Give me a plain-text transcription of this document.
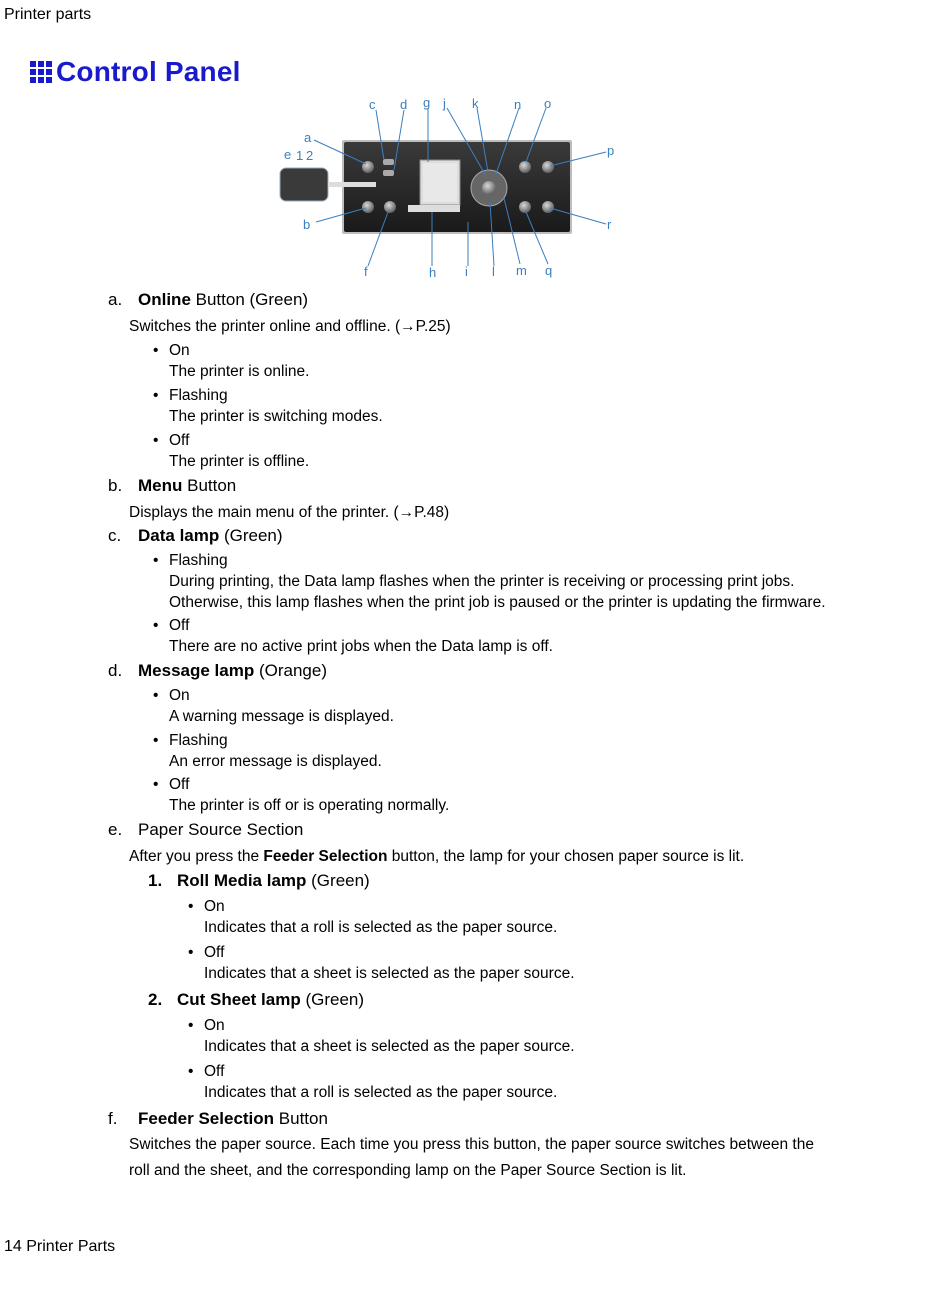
Printer parts
Control Panel
a
e 1 2
b
c d g j k	n o
p
r
f	h i l m q
a. Online Button (Green)
Switches the printer online and offline. (→P.25)
• On
The printer is online.
• Flashing
The printer is switching modes.
• Off
The printer is offline.
b. Menu Button
Displays the main menu of the printer. (→P.48)
c. Data lamp (Green)
• Flashing
During printing, the Data lamp flashes when the printer is receiving or processing print jobs.
Otherwise, this lamp flashes when the print job is paused or the printer is updating the firmware.
• Off
There are no active print jobs when the Data lamp is off.
d. Message lamp (Orange)
• On
A warning message is displayed.
• Flashing
An error message is displayed.
• Off
The printer is off or is operating normally.
e. Paper Source Section
After you press the Feeder Selection button, the lamp for your chosen paper source is lit.
1. Roll Media lamp (Green)
• On
Indicates that a roll is selected as the paper source.
• Off
Indicates that a sheet is selected as the paper source.
2. Cut Sheet lamp (Green)
• On
Indicates that a sheet is selected as the paper source.
• Off
Indicates that a roll is selected as the paper source.
f. Feeder Selection Button
Switches the paper source. Each time you press this button, the paper source switches between the
roll and the sheet, and the corresponding lamp on the Paper Source Section is lit.
14 Printer Parts
